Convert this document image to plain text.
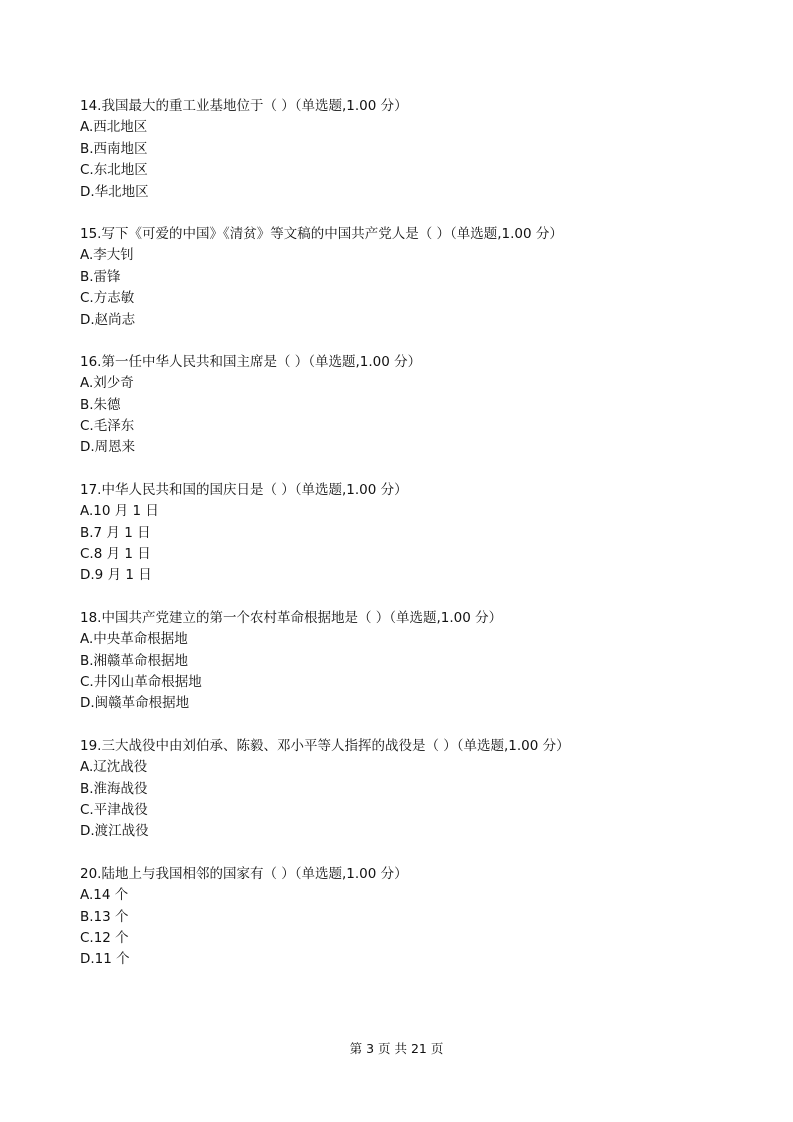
14.我国最大的重工业基地位于（ ）（单选题,1.00 分）
A.西北地区
B.西南地区
C.东北地区
D.华北地区
15.写下《可爱的中国》《清贫》等文稿的中国共产党人是（ ）（单选题,1.00 分）
A.李大钊
B.雷锋
C.方志敏
D.赵尚志
16.第一任中华人民共和国主席是（ ）（单选题,1.00 分）
A.刘少奇
B.朱德
C.毛泽东
D.周恩来
17.中华人民共和国的国庆日是（ ）（单选题,1.00 分）
A.10 月 1 日
B.7 月 1 日
C.8 月 1 日
D.9 月 1 日
18.中国共产党建立的第一个农村革命根据地是（ ）（单选题,1.00 分）
A.中央革命根据地
B.湘赣革命根据地
C.井冈山革命根据地
D.闽赣革命根据地
19.三大战役中由刘伯承、陈毅、邓小平等人指挥的战役是（ ）（单选题,1.00 分）
A.辽沈战役
B.淮海战役
C.平津战役
D.渡江战役
20.陆地上与我国相邻的国家有（ ）（单选题,1.00 分）
A.14 个
B.13 个
C.12 个
D.11 个
第 3 页 共 21 页
